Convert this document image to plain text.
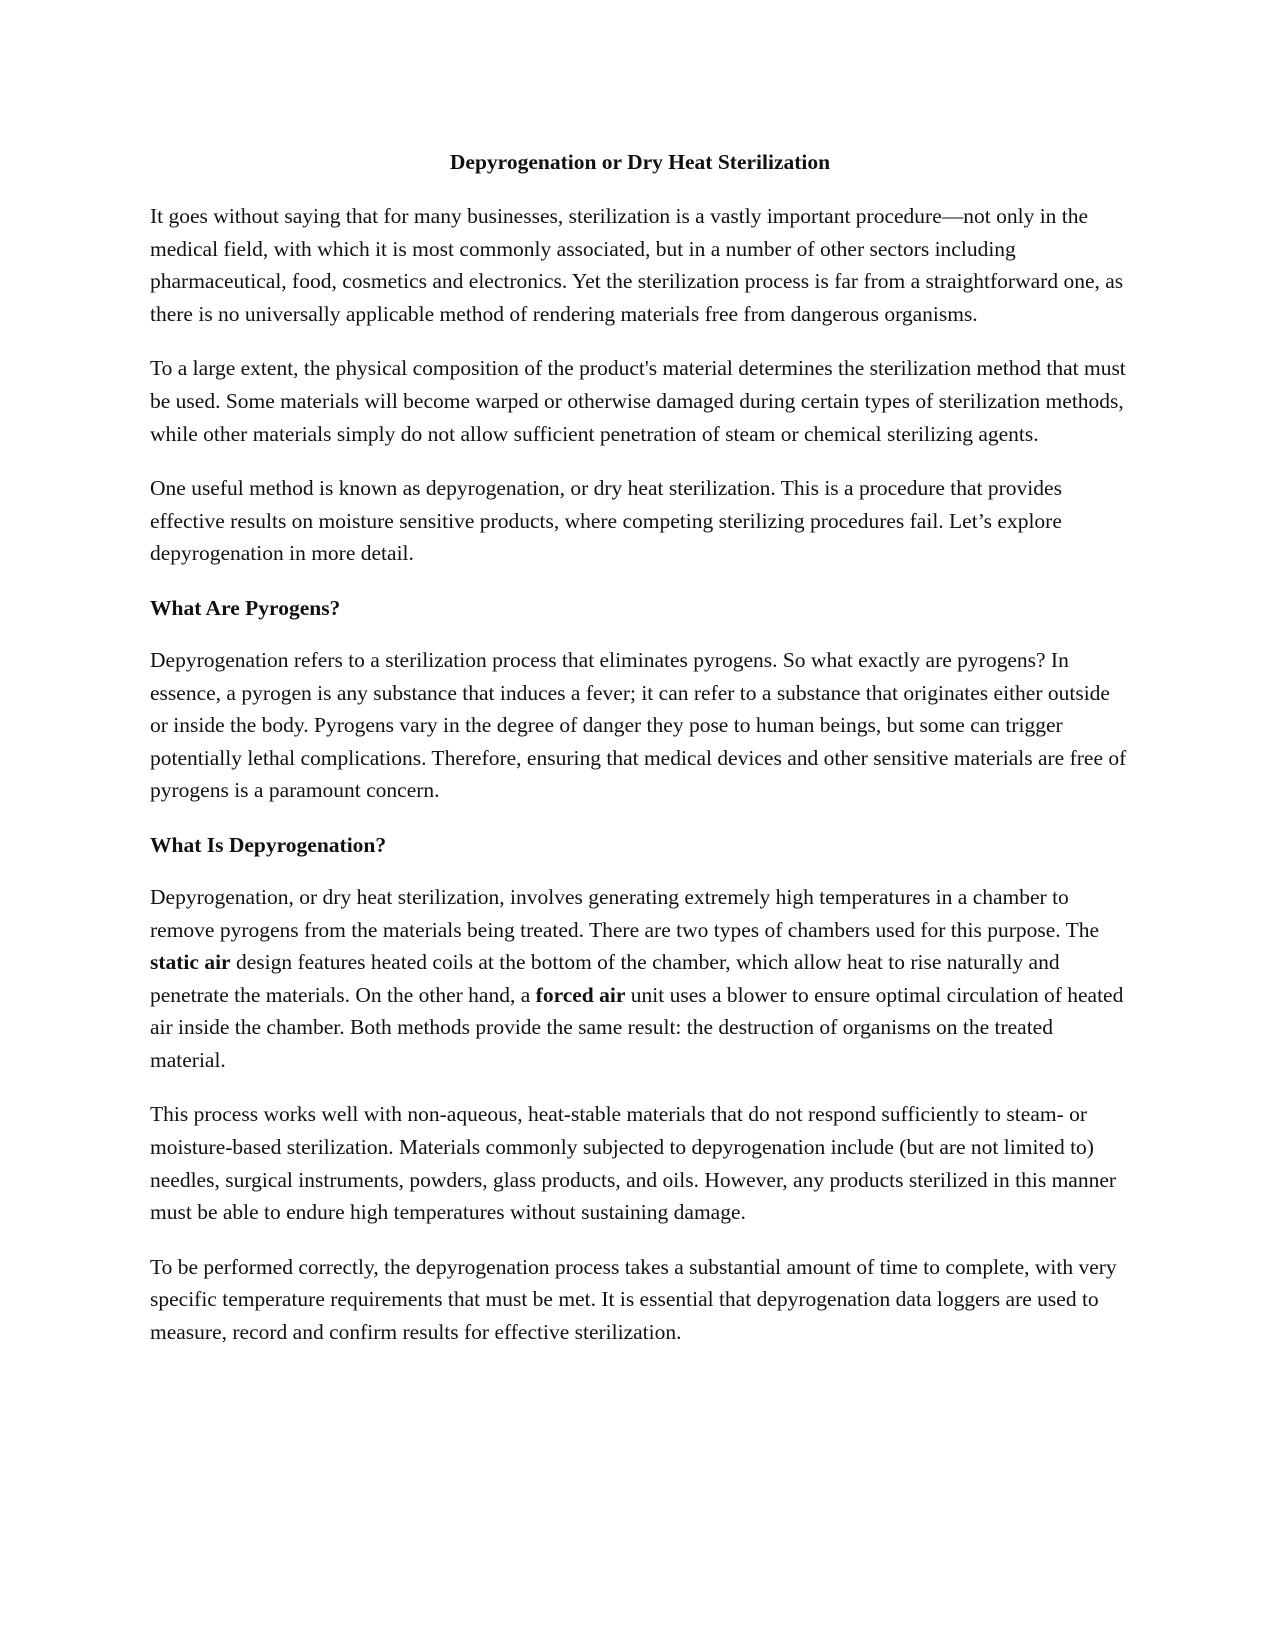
Depyrogenation or Dry Heat Sterilization

It goes without saying that for many businesses, sterilization is a vastly important procedure—not only in the medical field, with which it is most commonly associated, but in a number of other sectors including pharmaceutical, food, cosmetics and electronics. Yet the sterilization process is far from a straightforward one, as there is no universally applicable method of rendering materials free from dangerous organisms.

To a large extent, the physical composition of the product's material determines the sterilization method that must be used. Some materials will become warped or otherwise damaged during certain types of sterilization methods, while other materials simply do not allow sufficient penetration of steam or chemical sterilizing agents.

One useful method is known as depyrogenation, or dry heat sterilization. This is a procedure that provides effective results on moisture sensitive products, where competing sterilizing procedures fail. Let’s explore depyrogenation in more detail.

What Are Pyrogens?

Depyrogenation refers to a sterilization process that eliminates pyrogens. So what exactly are pyrogens? In essence, a pyrogen is any substance that induces a fever; it can refer to a substance that originates either outside or inside the body. Pyrogens vary in the degree of danger they pose to human beings, but some can trigger potentially lethal complications. Therefore, ensuring that medical devices and other sensitive materials are free of pyrogens is a paramount concern.

What Is Depyrogenation?

Depyrogenation, or dry heat sterilization, involves generating extremely high temperatures in a chamber to remove pyrogens from the materials being treated. There are two types of chambers used for this purpose. The static air design features heated coils at the bottom of the chamber, which allow heat to rise naturally and penetrate the materials. On the other hand, a forced air unit uses a blower to ensure optimal circulation of heated air inside the chamber. Both methods provide the same result: the destruction of organisms on the treated material.

This process works well with non-aqueous, heat-stable materials that do not respond sufficiently to steam- or moisture-based sterilization. Materials commonly subjected to depyrogenation include (but are not limited to) needles, surgical instruments, powders, glass products, and oils. However, any products sterilized in this manner must be able to endure high temperatures without sustaining damage.

To be performed correctly, the depyrogenation process takes a substantial amount of time to complete, with very specific temperature requirements that must be met. It is essential that depyrogenation data loggers are used to measure, record and confirm results for effective sterilization.
